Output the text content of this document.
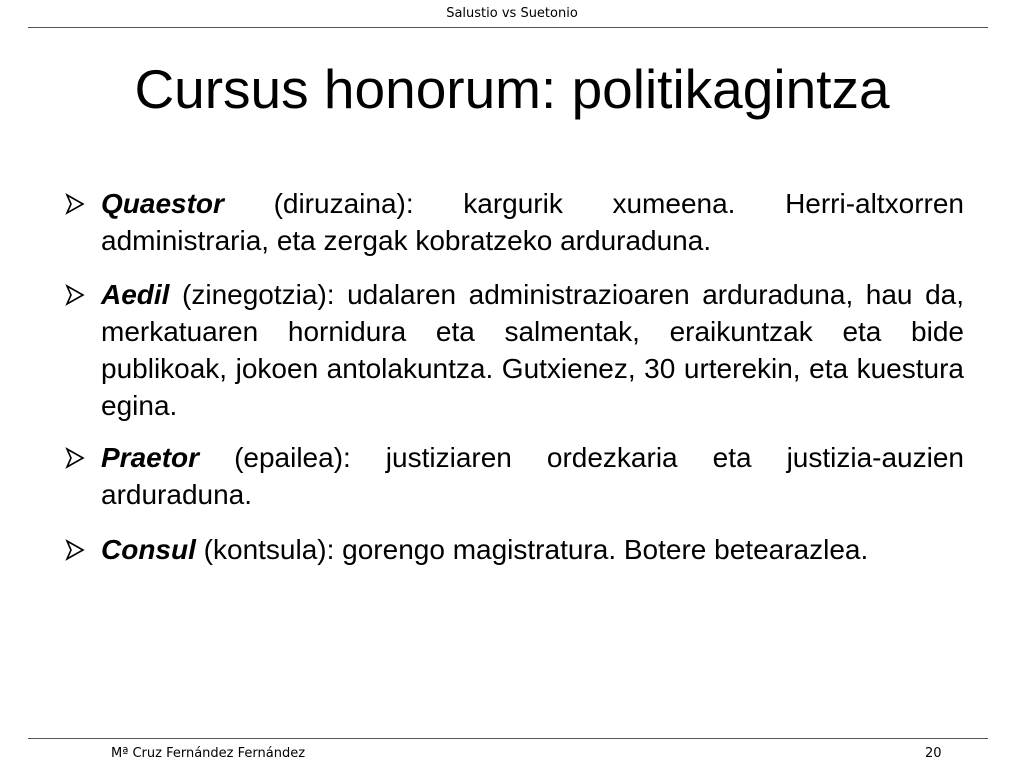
Salustio vs Suetonio
Cursus honorum: politikagintza
Quaestor (diruzaina): kargurik xumeena. Herri-altxorren administraria, eta zergak kobratzeko arduraduna.
Aedil (zinegotzia): udalaren administrazioaren arduraduna, hau da, merkatuaren hornidura eta salmentak, eraikuntzak eta bide publikoak, jokoen antolakuntza. Gutxienez, 30 urterekin, eta kuestura egina.
Praetor (epailea): justiziaren ordezkaria eta justizia-auzien arduraduna.
Consul (kontsula): gorengo magistratura. Botere betearazlea.
Mª Cruz Fernández Fernández	20
